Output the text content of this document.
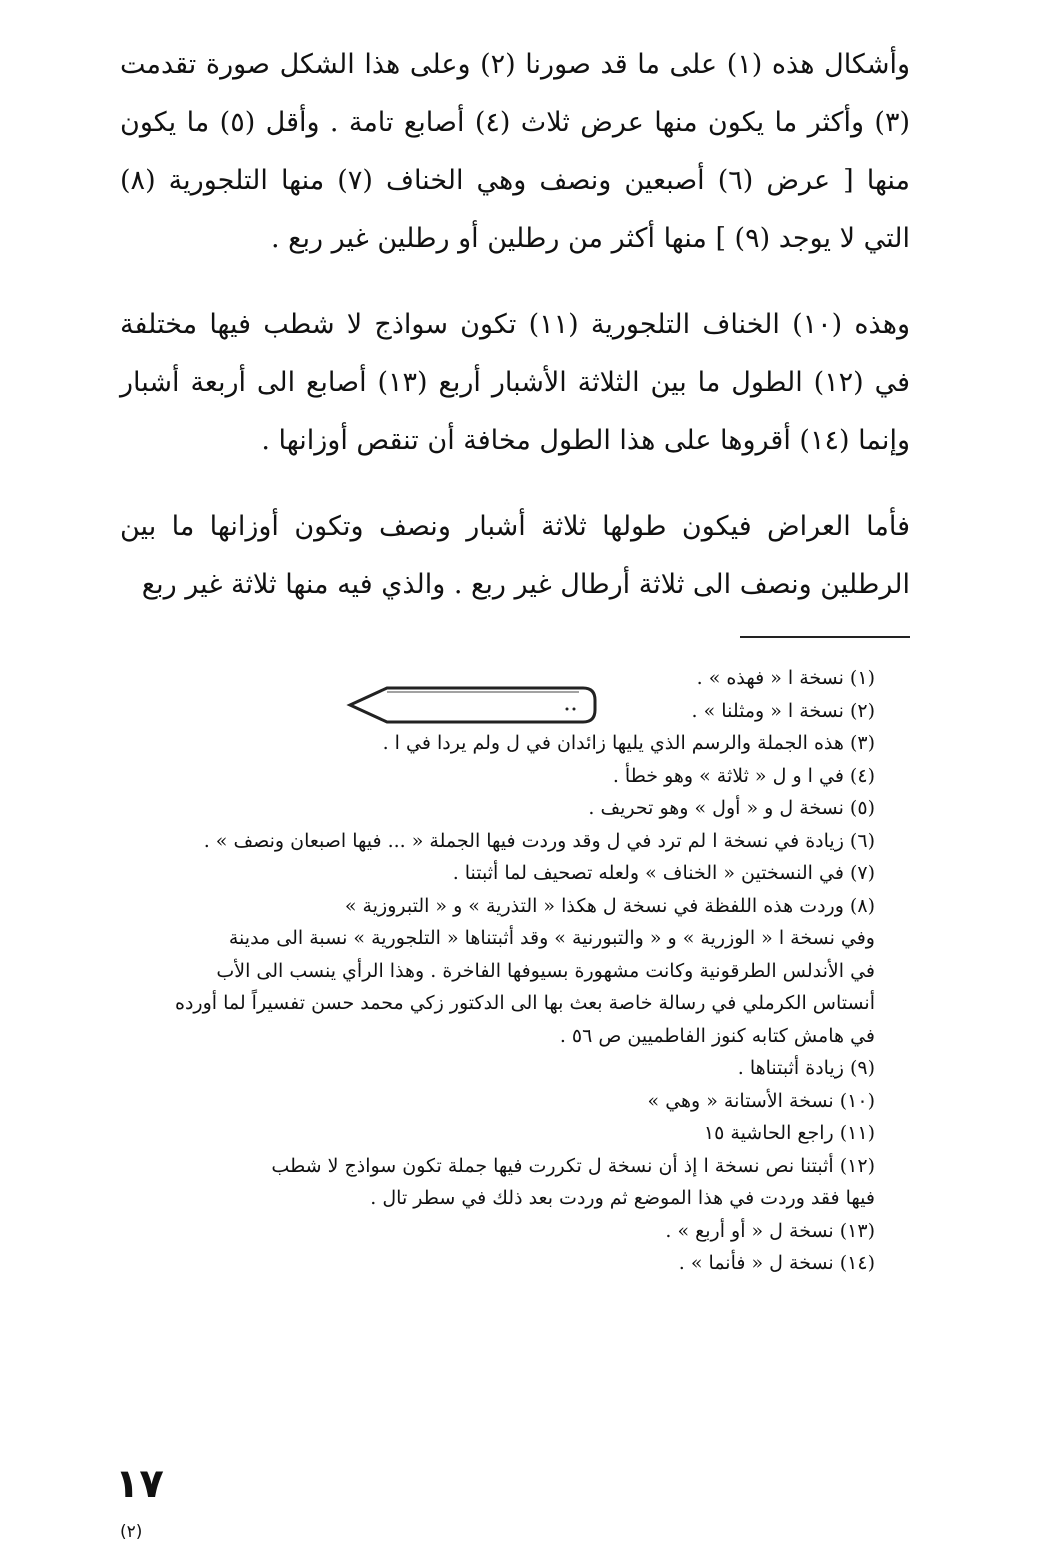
وأشكال هذه (١) على ما قد صورنا (٢) وعلى هذا الشكل صورة تقدمت (٣) وأكثر ما يكون منها عرض ثلاث (٤) أصابع تامة . وأقل (٥) ما يكون منها [ عرض (٦) أصبعين ونصف وهي الخناف (٧) منها التلجورية (٨) التي لا يوجد (٩) ] منها أكثر من رطلين أو رطلين غير ربع .

وهذه (١٠) الخناف التلجورية (١١) تكون سواذج لا شطب فيها مختلفة في (١٢) الطول ما بين الثلاثة الأشبار أربع (١٣) أصابع الى أربعة أشبار وإنما (١٤) أقروها على هذا الطول مخافة أن تنقص أوزانها .

فأما العراض فيكون طولها ثلاثة أشبار ونصف وتكون أوزانها ما بين الرطلين ونصف الى ثلاثة أرطال غير ربع . والذي فيه منها ثلاثة غير ربع

(١) نسخة ا « فهذه » .

(٢) نسخة ا « ومثلنا » .

(٣) هذه الجملة والرسم الذي يليها زائدان في ل ولم يردا في ا .

(٤) في ا و ل « ثلاثة » وهو خطأ .

(٥) نسخة ل و « أول » وهو تحريف .

(٦) زيادة في نسخة ا لم ترد في ل وقد وردت فيها الجملة « ... فيها اصبعان ونصف » .

(٧) في النسختين « الخناف » ولعله تصحيف لما أثبتنا .

(٨) وردت هذه اللفظة في نسخة ل هكذا « التذرية » و « التبروزية »

وفي نسخة ا « الوزرية » و « والتبورنية » وقد أثبتناها « التلجورية » نسبة الى مدينة

في الأندلس الطرقونية وكانت مشهورة بسيوفها الفاخرة . وهذا الرأي ينسب الى الأب

أنستاس الكرملي في رسالة خاصة بعث بها الى الدكتور زكي محمد حسن تفسيراً لما أورده

في هامش كتابه كنوز الفاطميين ص ٥٦ .

(٩) زيادة أثبتناها .

(١٠) نسخة الأستانة « وهي »

(١١) راجع الحاشية ١٥

(١٢) أثبتنا نص نسخة ا إذ أن نسخة ل تكررت فيها جملة تكون سواذج لا شطب

فيها فقد وردت في هذا الموضع ثم وردت بعد ذلك في سطر تال .

(١٣) نسخة ل « أو أربع » .

(١٤) نسخة ل « فأنما » .

١٧
(٢)
